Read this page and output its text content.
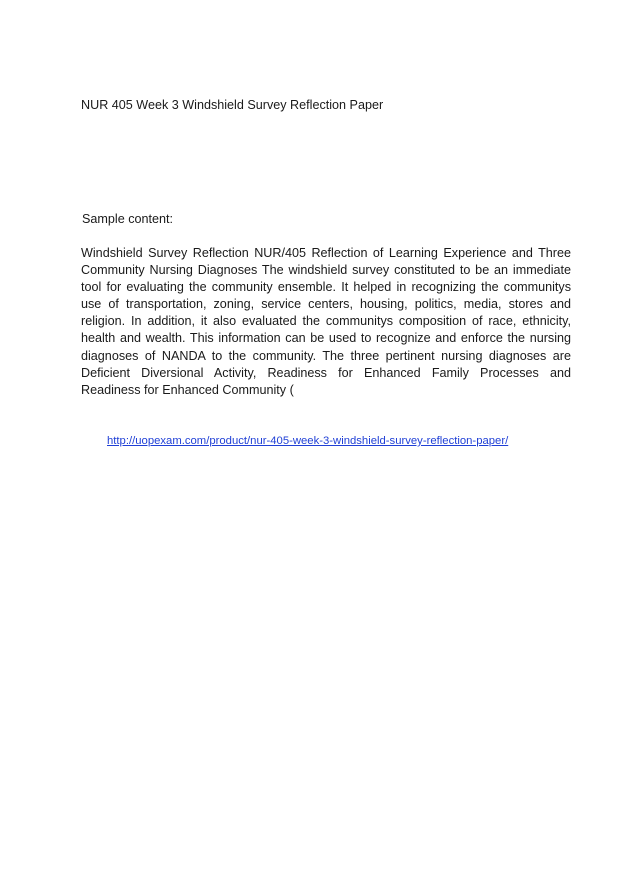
NUR 405 Week 3 Windshield Survey Reflection Paper
Sample content:

Windshield Survey Reflection NUR/405 Reflection of Learning Experience and Three Community Nursing Diagnoses The windshield survey constituted to be an immediate tool for evaluating the community ensemble. It helped in recognizing the communitys use of transportation, zoning, service centers, housing, politics, media, stores and religion. In addition, it also evaluated the communitys composition of race, ethnicity, health and wealth. This information can be used to recognize and enforce the nursing diagnoses of NANDA to the community. The three pertinent nursing diagnoses are Deficient Diversional Activity, Readiness for Enhanced Family Processes and Readiness for Enhanced Community (

http://uopexam.com/product/nur-405-week-3-windshield-survey-reflection-paper/
